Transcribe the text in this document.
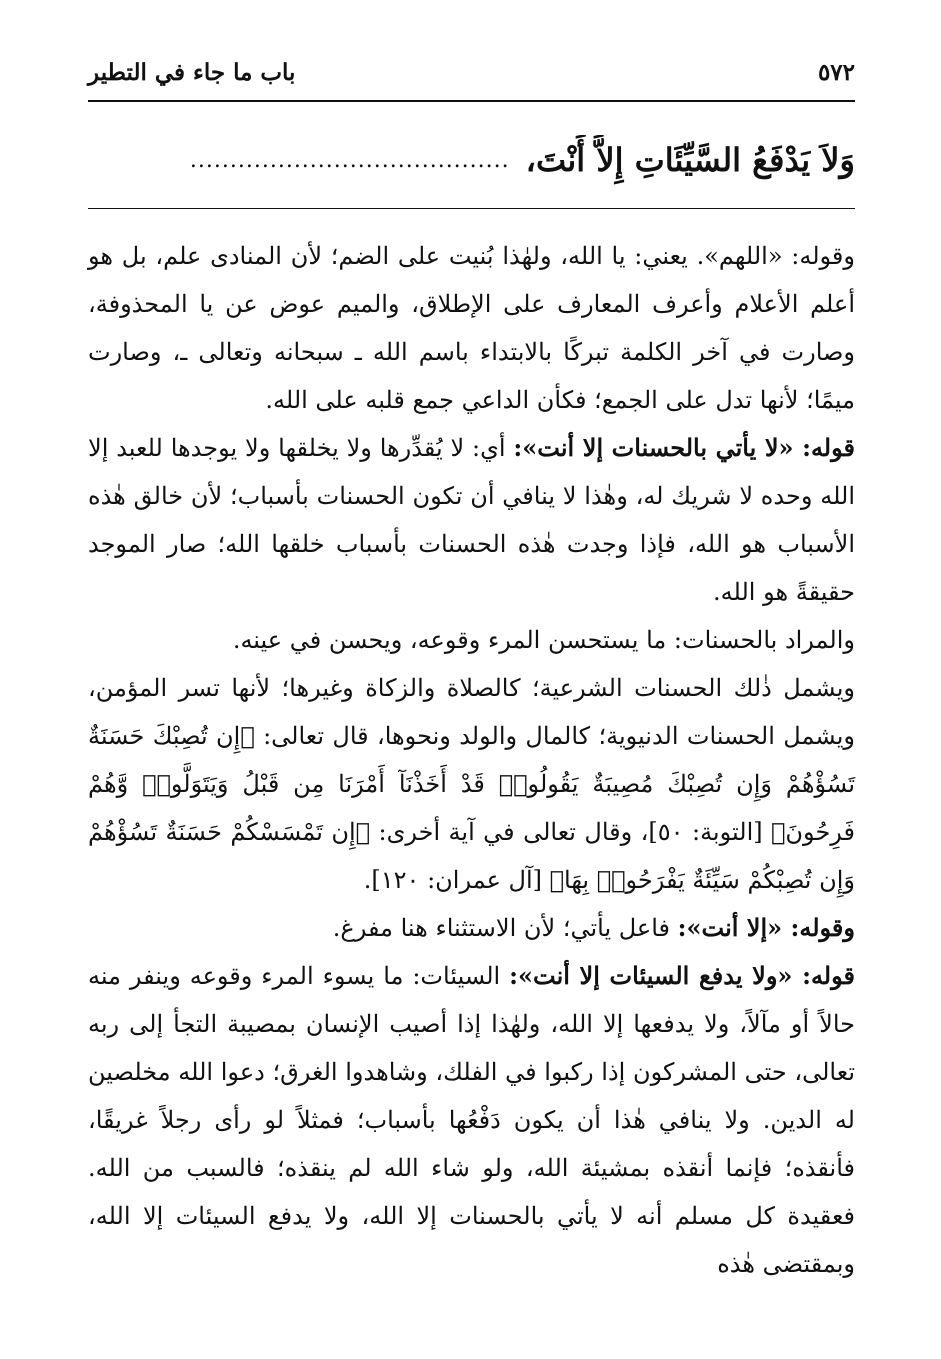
٥٧٢
باب ما جاء في التطير
وَلاَ يَدْفَعُ السَّيِّئَاتِ إِلاَّ أَنْتَ،
........................................

وقوله: «اللهم». يعني: يا الله، ولهٰذا بُنيت على الضم؛ لأن المنادى علم، بل هو أعلم الأعلام وأعرف المعارف على الإطلاق، والميم عوض عن يا المحذوفة، وصارت في آخر الكلمة تبركًا بالابتداء باسم الله ـ سبحانه وتعالى ـ، وصارت ميمًا؛ لأنها تدل على الجمع؛ فكأن الداعي جمع قلبه على الله.

قوله: «لا يأتي بالحسنات إلا أنت»: أي: لا يُقدِّرها ولا يخلقها ولا يوجدها للعبد إلا الله وحده لا شريك له، وهٰذا لا ينافي أن تكون الحسنات بأسباب؛ لأن خالق هٰذه الأسباب هو الله، فإذا وجدت هٰذه الحسنات بأسباب خلقها الله؛ صار الموجد حقيقةً هو الله.

والمراد بالحسنات: ما يستحسن المرء وقوعه، ويحسن في عينه.

ويشمل ذٰلك الحسنات الشرعية؛ كالصلاة والزكاة وغيرها؛ لأنها تسر المؤمن، ويشمل الحسنات الدنيوية؛ كالمال والولد ونحوها، قال تعالى: ﴿إِن تُصِبْكَ حَسَنَةٌ تَسُؤْهُمْ وَإِن تُصِبْكَ مُصِيبَةٌ يَقُولُوا۟ قَدْ أَخَذْنَآ أَمْرَنَا مِن قَبْلُ وَيَتَوَلَّوا۟ وَّهُمْ فَرِحُونَ﴾ [التوبة: ٥٠]، وقال تعالى في آية أخرى: ﴿إِن تَمْسَسْكُمْ حَسَنَةٌ تَسُؤْهُمْ وَإِن تُصِبْكُمْ سَيِّئَةٌ يَفْرَحُوا۟ بِهَا﴾ [آل عمران: ١٢٠].

وقوله: «إلا أنت»: فاعل يأتي؛ لأن الاستثناء هنا مفرغ.

قوله: «ولا يدفع السيئات إلا أنت»: السيئات: ما يسوء المرء وقوعه وينفر منه حالاً أو مآلاً، ولا يدفعها إلا الله، ولهٰذا إذا أصيب الإنسان بمصيبة التجأ إلى ربه تعالى، حتى المشركون إذا ركبوا في الفلك، وشاهدوا الغرق؛ دعوا الله مخلصين له الدين. ولا ينافي هٰذا أن يكون دَفْعُها بأسباب؛ فمثلاً لو رأى رجلاً غريقًا، فأنقذه؛ فإنما أنقذه بمشيئة الله، ولو شاء الله لم ينقذه؛ فالسبب من الله. فعقيدة كل مسلم أنه لا يأتي بالحسنات إلا الله، ولا يدفع السيئات إلا الله، وبمقتضى هٰذه
